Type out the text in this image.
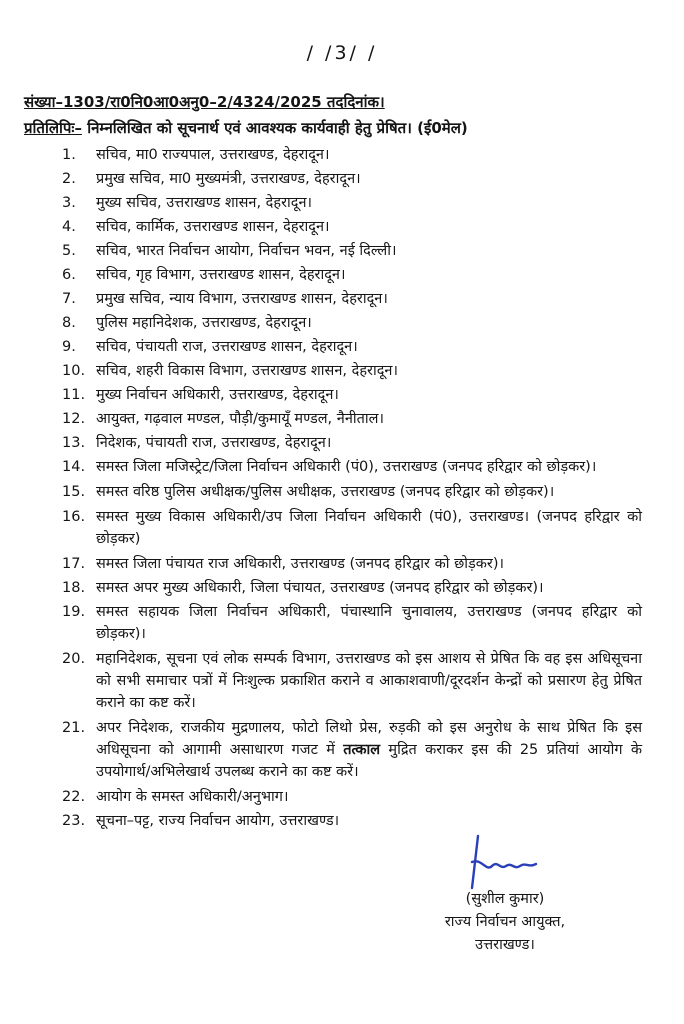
/ /3/ /
संख्या–1303/रा0नि0आ0अनु0–2/4324/2025 तददिनांक।
प्रतिलिपिः– निम्नलिखित को सूचनार्थ एवं आवश्यक कार्यवाही हेतु प्रेषित। (ई0मेल)
1.	सचिव, मा0 राज्यपाल, उत्तराखण्ड, देहरादून।
2.	प्रमुख सचिव, मा0 मुख्यमंत्री, उत्तराखण्ड, देहरादून।
3.	मुख्य सचिव, उत्तराखण्ड शासन, देहरादून।
4.	सचिव, कार्मिक, उत्तराखण्ड शासन, देहरादून।
5.	सचिव, भारत निर्वाचन आयोग, निर्वाचन भवन, नई दिल्ली।
6.	सचिव, गृह विभाग, उत्तराखण्ड शासन, देहरादून।
7.	प्रमुख सचिव, न्याय विभाग, उत्तराखण्ड शासन, देहरादून।
8.	पुलिस महानिदेशक, उत्तराखण्ड, देहरादून।
9.	सचिव, पंचायती राज, उत्तराखण्ड शासन, देहरादून।
10. सचिव, शहरी विकास विभाग, उत्तराखण्ड शासन, देहरादून।
11. मुख्य निर्वाचन अधिकारी, उत्तराखण्ड, देहरादून।
12. आयुक्त, गढ़वाल मण्डल, पौड़ी/कुमायूँ मण्डल, नैनीताल।
13. निदेशक, पंचायती राज, उत्तराखण्ड, देहरादून।
14. समस्त जिला मजिस्ट्रेट/जिला निर्वाचन अधिकारी (पं0), उत्तराखण्ड (जनपद हरिद्वार को छोड़कर)।
15. समस्त वरिष्ठ पुलिस अधीक्षक/पुलिस अधीक्षक, उत्तराखण्ड (जनपद हरिद्वार को छोड़कर)।
16. समस्त मुख्य विकास अधिकारी/उप जिला निर्वाचन अधिकारी (पं0), उत्तराखण्ड। (जनपद हरिद्वार को छोड़कर)
17. समस्त जिला पंचायत राज अधिकारी, उत्तराखण्ड (जनपद हरिद्वार को छोड़कर)।
18. समस्त अपर मुख्य अधिकारी, जिला पंचायत, उत्तराखण्ड (जनपद हरिद्वार को छोड़कर)।
19. समस्त सहायक जिला निर्वाचन अधिकारी, पंचास्थानि चुनावालय, उत्तराखण्ड (जनपद हरिद्वार को छोड़कर)।
20. महानिदेशक, सूचना एवं लोक सम्पर्क विभाग, उत्तराखण्ड को इस आशय से प्रेषित कि वह इस अधिसूचना को सभी समाचार पत्रों में निःशुल्क प्रकाशित कराने व आकाशवाणी/दूरदर्शन केन्द्रों को प्रसारण हेतु प्रेषित कराने का कष्ट करें।
21. अपर निदेशक, राजकीय मुद्रणालय, फोटो लिथो प्रेस, रुड़की को इस अनुरोध के साथ प्रेषित कि इस अधिसूचना को आगामी असाधारण गजट में तत्काल मुद्रित कराकर इस की 25 प्रतियां आयोग के उपयोगार्थ/अभिलेखार्थ उपलब्ध कराने का कष्ट करें।
22. आयोग के समस्त अधिकारी/अनुभाग।
23. सूचना–पट्ट, राज्य निर्वाचन आयोग, उत्तराखण्ड।
(सुशील कुमार)
राज्य निर्वाचन आयुक्त,
उत्तराखण्ड।
